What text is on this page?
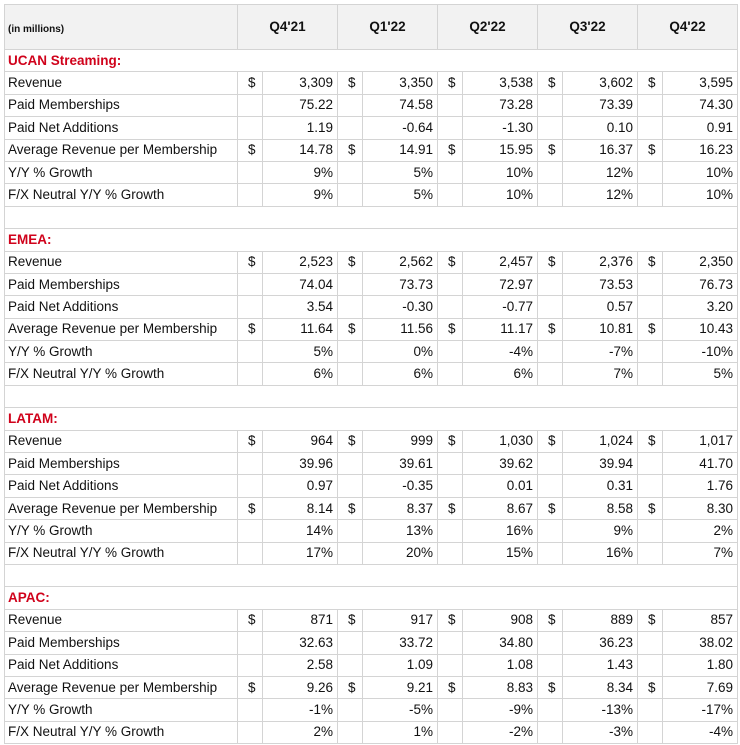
(in millions)	Q4'21		Q1'22		Q2'22		Q3'22		Q4'22	
UCAN Streaming:										
Revenue	$	3,309	$	3,350	$	3,538	$	3,602	$	3,595
Paid Memberships		75.22		74.58		73.28		73.39		74.30
Paid Net Additions		1.19		-0.64		-1.30		0.10		0.91
Average Revenue per Membership	$	14.78	$	14.91	$	15.95	$	16.37	$	16.23
Y/Y % Growth		9%		5%		10%		12%		10%
F/X Neutral Y/Y % Growth		9%		5%		10%		12%		10%

EMEA:										
Revenue	$	2,523	$	2,562	$	2,457	$	2,376	$	2,350
Paid Memberships		74.04		73.73		72.97		73.53		76.73
Paid Net Additions		3.54		-0.30		-0.77		0.57		3.20
Average Revenue per Membership	$	11.64	$	11.56	$	11.17	$	10.81	$	10.43
Y/Y % Growth		5%		0%		-4%		-7%		-10%
F/X Neutral Y/Y % Growth		6%		6%		6%		7%		5%

LATAM:										
Revenue	$	964	$	999	$	1,030	$	1,024	$	1,017
Paid Memberships		39.96		39.61		39.62		39.94		41.70
Paid Net Additions		0.97		-0.35		0.01		0.31		1.76
Average Revenue per Membership	$	8.14	$	8.37	$	8.67	$	8.58	$	8.30
Y/Y % Growth		14%		13%		16%		9%		2%
F/X Neutral Y/Y % Growth		17%		20%		15%		16%		7%

APAC:										
Revenue	$	871	$	917	$	908	$	889	$	857
Paid Memberships		32.63		33.72		34.80		36.23		38.02
Paid Net Additions		2.58		1.09		1.08		1.43		1.80
Average Revenue per Membership	$	9.26	$	9.21	$	8.83	$	8.34	$	7.69
Y/Y % Growth		-1%		-5%		-9%		-13%		-17%
F/X Neutral Y/Y % Growth		2%		1%		-2%		-3%		-4%
